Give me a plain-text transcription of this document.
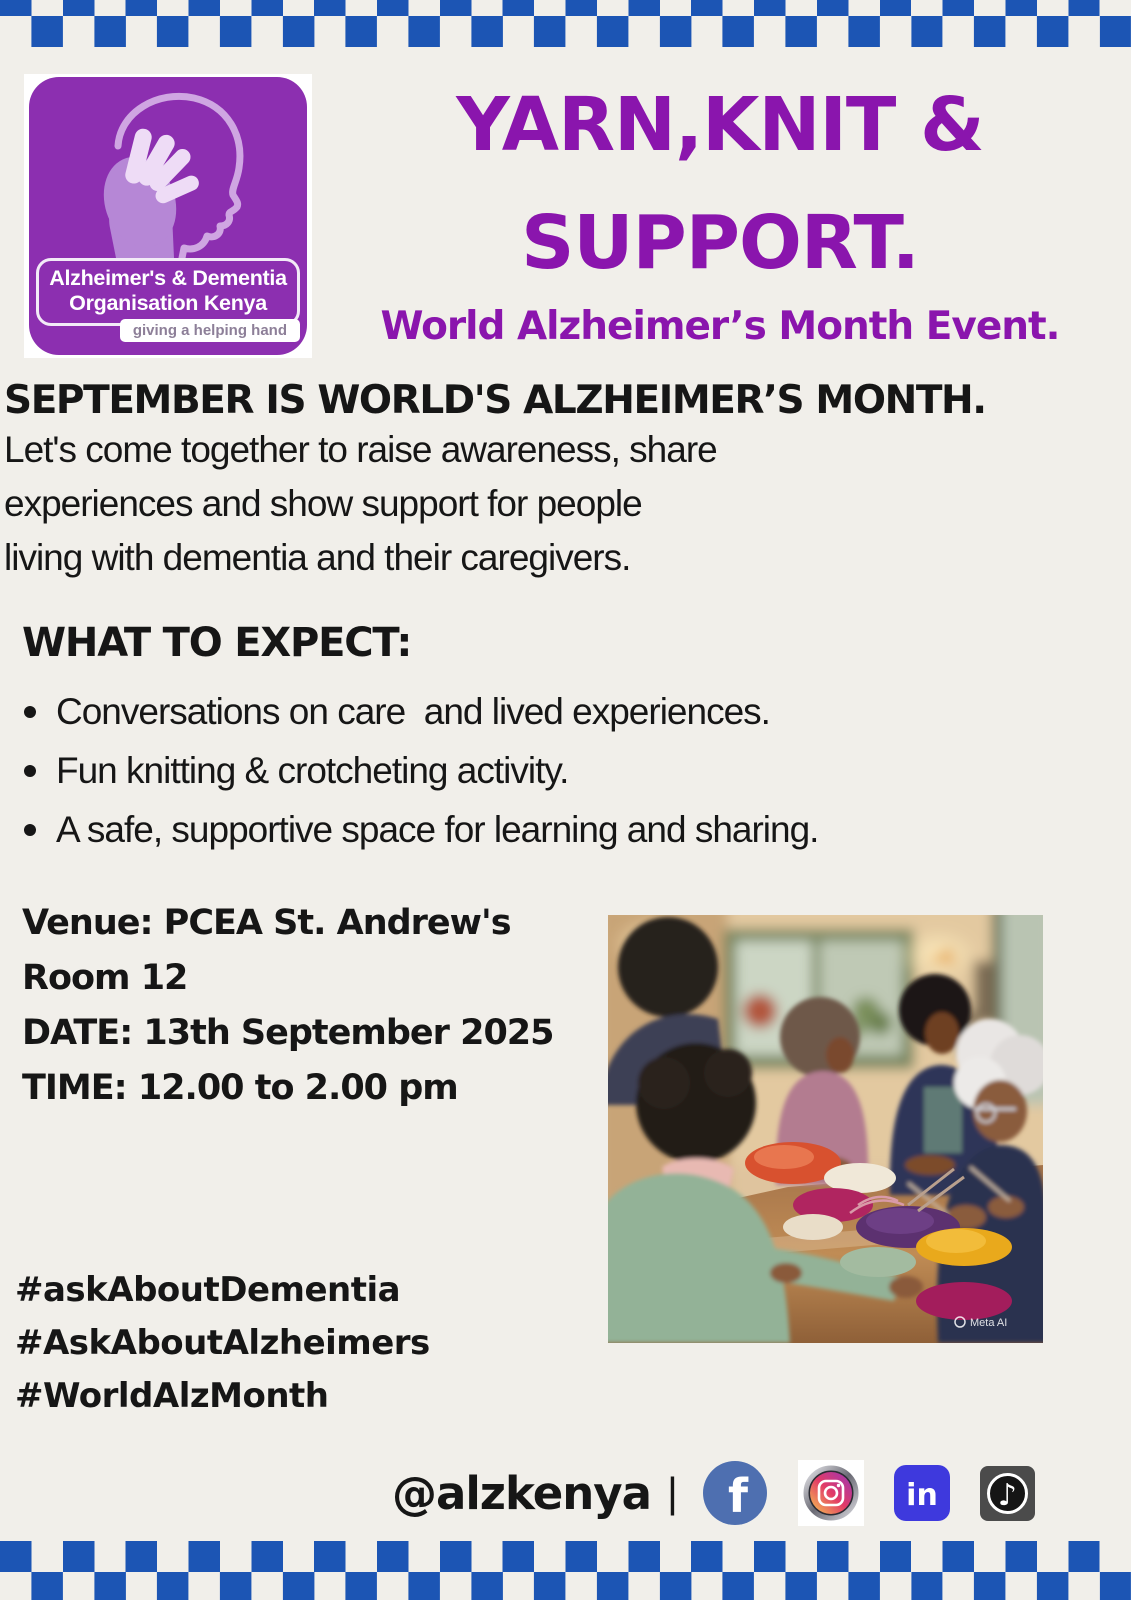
Alzheimer's & Dementia
Organisation Kenya
giving a helping hand
YARN,KNIT &
SUPPORT.
World Alzheimer’s Month Event.
SEPTEMBER IS WORLD'S ALZHEIMER’S MONTH.
Let's come together to raise awareness, share
experiences and show support for people
living with dementia and their caregivers.
WHAT TO EXPECT:
Conversations on care  and lived experiences.
Fun knitting & crotcheting activity.
A safe, supportive space for learning and sharing.
Venue: PCEA St. Andrew's
Room 12
DATE: 13th September 2025
TIME: 12.00 to 2.00 pm
Meta AI
#askAboutDementia
#AskAboutAlzheimers
#WorldAlzMonth
@alzkenya | f	in ♪
